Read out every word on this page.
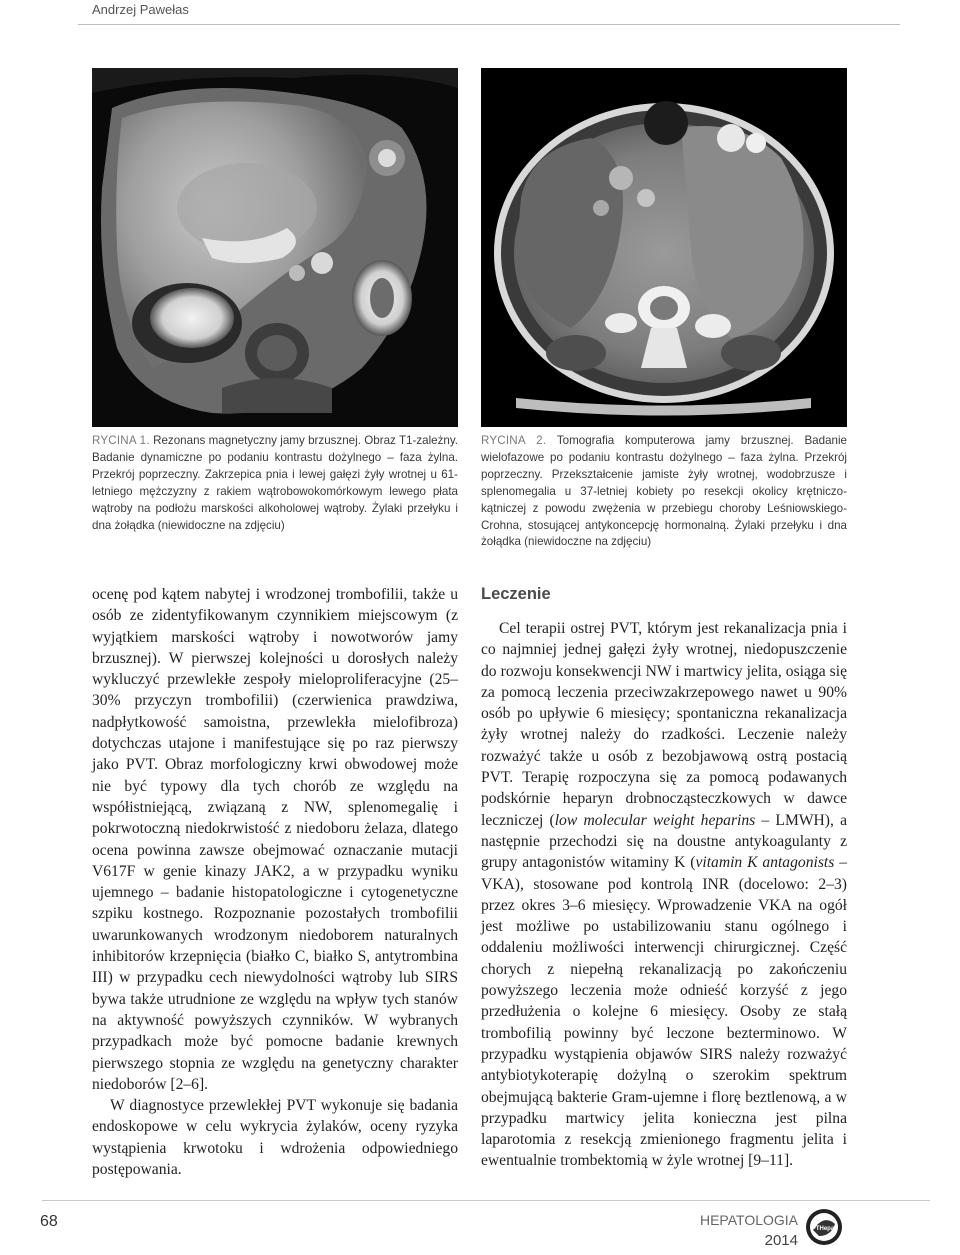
Andrzej Pawełas
RYCINA 1. Rezonans magnetyczny jamy brzusznej. Obraz T1-zależny. Badanie dynamiczne po podaniu kontrastu dożylnego – faza żylna. Przekrój poprzeczny. Zakrzepica pnia i lewej gałęzi żyły wrotnej u 61-letniego mężczyzny z rakiem wątrobowokomórkowym lewego płata wątroby na podłożu marskości alkoholowej wątroby. Żylaki przełyku i dna żołądka (niewidoczne na zdjęciu)
RYCINA 2. Tomografia komputerowa jamy brzusznej. Badanie wielofazowe po podaniu kontrastu dożylnego – faza żylna. Przekrój poprzeczny. Przekształcenie jamiste żyły wrotnej, wodobrzusze i splenomegalia u 37-letniej kobiety po resekcji okolicy krętniczo-kątniczej z powodu zwężenia w przebiegu choroby Leśniowskiego-Crohna, stosującej antykoncepcję hormonalną. Żylaki przełyku i dna żołądka (niewidoczne na zdjęciu)

ocenę pod kątem nabytej i wrodzonej trombofilii, także u osób ze zidentyfikowanym czynnikiem miejscowym (z wyjątkiem marskości wątroby i nowotworów jamy brzusznej). W pierwszej kolejności u dorosłych należy wykluczyć przewlekłe zespoły mieloproliferacyjne (25–30% przyczyn trombofilii) (czerwienica prawdziwa, nadpłytkowość samoistna, przewlekła mielofibroza) dotychczas utajone i manifestujące się po raz pierwszy jako PVT. Obraz morfologiczny krwi obwodowej może nie być typowy dla tych chorób ze względu na współistniejącą, związaną z NW, splenomegalię i pokrwotoczną niedokrwistość z niedoboru żelaza, dlatego ocena powinna zawsze obejmować oznaczanie mutacji V617F w genie kinazy JAK2, a w przypadku wyniku ujemnego – badanie histopatologiczne i cytogenetyczne szpiku kostnego. Rozpoznanie pozostałych trombofilii uwarunkowanych wrodzonym niedoborem naturalnych inhibitorów krzepnięcia (białko C, białko S, antytrombina III) w przypadku cech niewydolności wątroby lub SIRS bywa także utrudnione ze względu na wpływ tych stanów na aktywność powyższych czynników. W wybranych przypadkach może być pomocne badanie krewnych pierwszego stopnia ze względu na genetyczny charakter niedoborów [2–6].

W diagnostyce przewlekłej PVT wykonuje się badania endoskopowe w celu wykrycia żylaków, oceny ryzyka wystąpienia krwotoku i wdrożenia odpowiedniego postępowania.

Leczenie

Cel terapii ostrej PVT, którym jest rekanalizacja pnia i co najmniej jednej gałęzi żyły wrotnej, niedopuszczenie do rozwoju konsekwencji NW i martwicy jelita, osiąga się za pomocą leczenia przeciwzakrzepowego nawet u 90% osób po upływie 6 miesięcy; spontaniczna rekanalizacja żyły wrotnej należy do rzadkości. Leczenie należy rozważyć także u osób z bezobjawową ostrą postacią PVT. Terapię rozpoczyna się za pomocą podawanych podskórnie heparyn drobnocząsteczkowych w dawce leczniczej (low molecular weight heparins – LMWH), a następnie przechodzi się na doustne antykoagulanty z grupy antagonistów witaminy K (vitamin K antagonists – VKA), stosowane pod kontrolą INR (docelowo: 2–3) przez okres 3–6 miesięcy. Wprowadzenie VKA na ogół jest możliwe po ustabilizowaniu stanu ogólnego i oddaleniu możliwości interwencji chirurgicznej. Część chorych z niepełną rekanalizacją po zakończeniu powyższego leczenia może odnieść korzyść z jego przedłużenia o kolejne 6 miesięcy. Osoby ze stałą trombofilią powinny być leczone bezterminowo. W przypadku wystąpienia objawów SIRS należy rozważyć antybiotykoterapię dożylną o szerokim spektrum obejmującą bakterie Gram-ujemne i florę beztlenową, a w przypadku martwicy jelita konieczna jest pilna laparotomia z resekcją zmienionego fragmentu jelita i ewentualnie trombektomią w żyle wrotnej [9–11].

68	HEPATOLOGIA
2014
PTHepat
